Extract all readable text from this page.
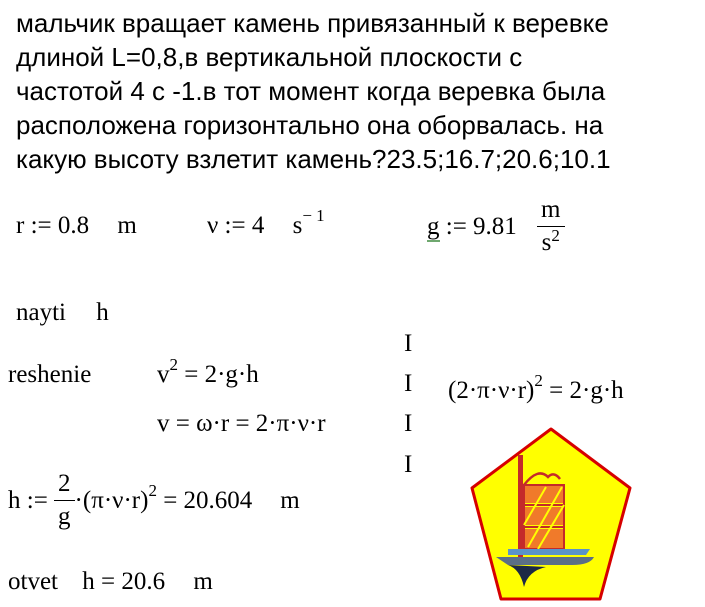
мальчик вращает камень привязанный к веревке
длиной L=0,8,в вертикальной плоскости с
частотой 4 с -1.в тот момент когда веревка была
расположена горизонтально она оборвалась. на
какую высоту взлетит камень?23.5;16.7;20.6;10.1
r := 0.8 m	ν := 4 $s^{- 1}$	g := $9.81 \frac{m}{s^2}$
nayti h
reshenie	$v^2 = 2\cdot g\cdot h$
v = ω·r = 2·π·ν·r
$(2\cdot\pi\cdot\nu\cdot r)^2 = 2\cdot g\cdot h$
I
I
I
I
h := $\frac{2}{g} \cdot(\pi\cdot\nu\cdot r)^2 = 20.604$ m
otvet h = 20.6 m
